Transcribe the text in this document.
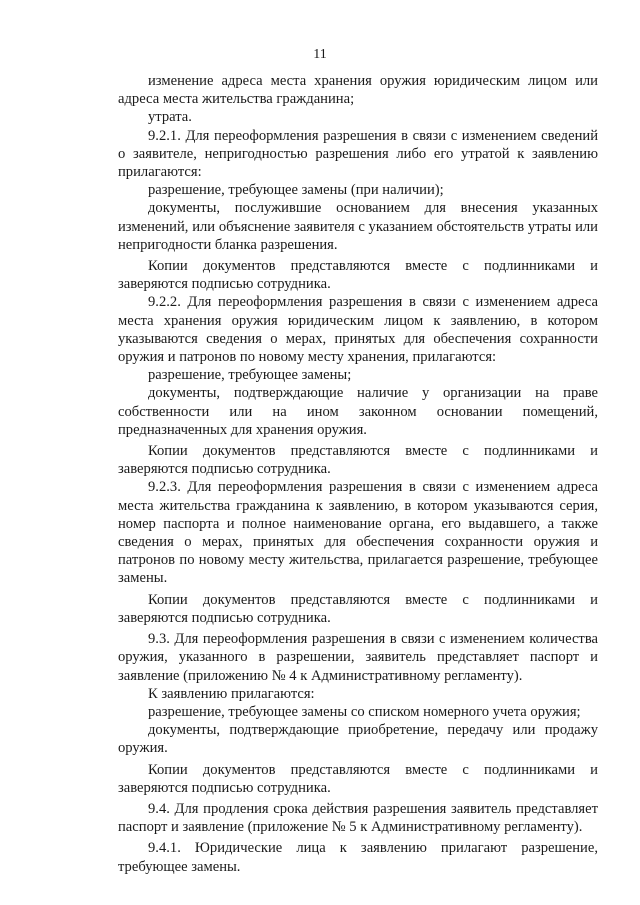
11

изменение адреса места хранения оружия юридическим лицом или адреса места жительства гражданина;

утрата.

9.2.1. Для переоформления разрешения в связи с изменением сведений о заявителе, непригодностью разрешения либо его утратой к заявлению прилагаются:

разрешение, требующее замены (при наличии);

документы, послужившие основанием для внесения указанных изменений, или объяснение заявителя с указанием обстоятельств утраты или непригодности бланка разрешения.

Копии документов представляются вместе с подлинниками и заверяются подписью сотрудника.

9.2.2. Для переоформления разрешения в связи с изменением адреса места хранения оружия юридическим лицом к заявлению, в котором указываются сведения о мерах, принятых для обеспечения сохранности оружия и патронов по новому месту хранения, прилагаются:

разрешение, требующее замены;

документы, подтверждающие наличие у организации на праве собственности или на ином законном основании помещений, предназначенных для хранения оружия.

Копии документов представляются вместе с подлинниками и заверяются подписью сотрудника.

9.2.3. Для переоформления разрешения в связи с изменением адреса места жительства гражданина к заявлению, в котором указываются серия, номер паспорта и полное наименование органа, его выдавшего, а также сведения о мерах, принятых для обеспечения сохранности оружия и патронов по новому месту жительства, прилагается разрешение, требующее замены.

Копии документов представляются вместе с подлинниками и заверяются подписью сотрудника.

9.3. Для переоформления разрешения в связи с изменением количества оружия, указанного в разрешении, заявитель представляет паспорт и заявление (приложению № 4 к Административному регламенту).

К заявлению прилагаются:

разрешение, требующее замены со списком номерного учета оружия;

документы, подтверждающие приобретение, передачу или продажу оружия.

Копии документов представляются вместе с подлинниками и заверяются подписью сотрудника.

9.4. Для продления срока действия разрешения заявитель представляет паспорт и заявление (приложение № 5 к Административному регламенту).

9.4.1. Юридические лица к заявлению прилагают разрешение, требующее замены.
